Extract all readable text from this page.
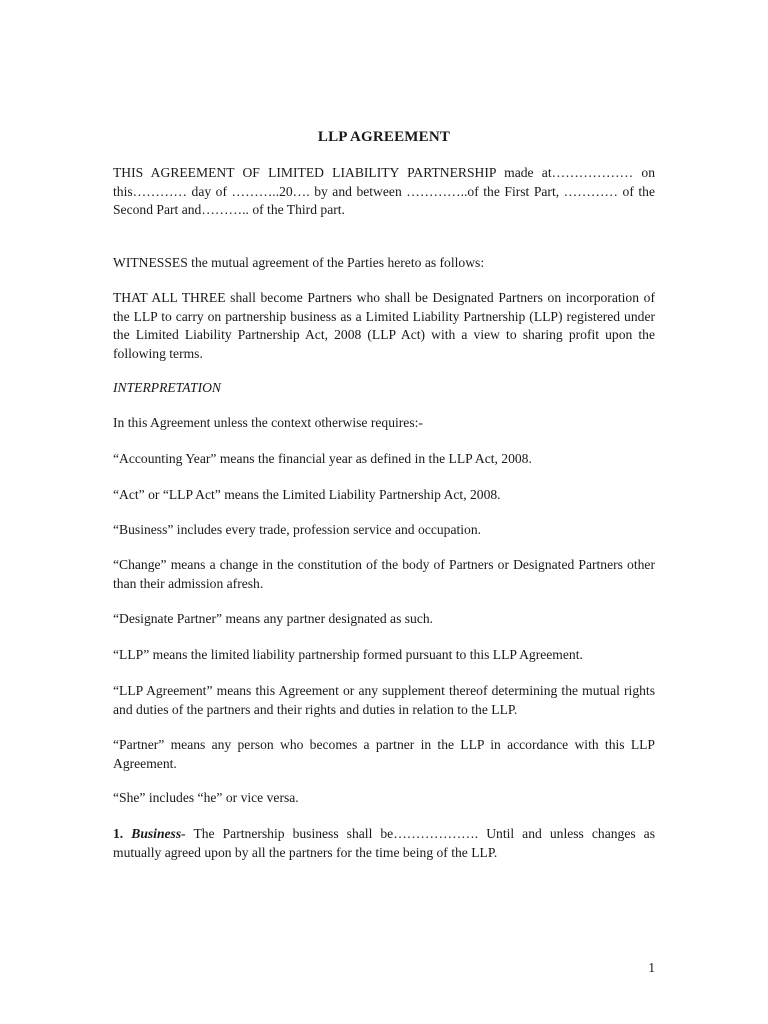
LLP AGREEMENT
THIS AGREEMENT OF LIMITED LIABILITY PARTNERSHIP made at……………… on this………… day of ………..20…. by and between …………..of the First Part, ………… of the Second Part and……….. of the Third part.
WITNESSES the mutual agreement of the Parties hereto as follows:
THAT ALL THREE shall become Partners who shall be Designated Partners on incorporation of the LLP to carry on partnership business as a Limited Liability Partnership (LLP) registered under the Limited Liability Partnership Act, 2008 (LLP Act) with a view to sharing profit upon the following terms.
INTERPRETATION
In this Agreement unless the context otherwise requires:-
“Accounting Year” means the financial year as defined in the LLP Act, 2008.
“Act” or “LLP Act” means the Limited Liability Partnership Act, 2008.
“Business” includes every trade, profession service and occupation.
“Change” means a change in the constitution of the body of Partners or Designated Partners other than their admission afresh.
“Designate Partner” means any partner designated as such.
“LLP” means the limited liability partnership formed pursuant to this LLP Agreement.
“LLP Agreement” means this Agreement or any supplement thereof determining the mutual rights and duties of the partners and their rights and duties in relation to the LLP.
“Partner” means any person who becomes a partner in the LLP in accordance with this LLP Agreement.
“She” includes “he” or vice versa.
1. Business- The Partnership business shall be………………. Until and unless changes as mutually agreed upon by all the partners for the time being of the LLP.
1
